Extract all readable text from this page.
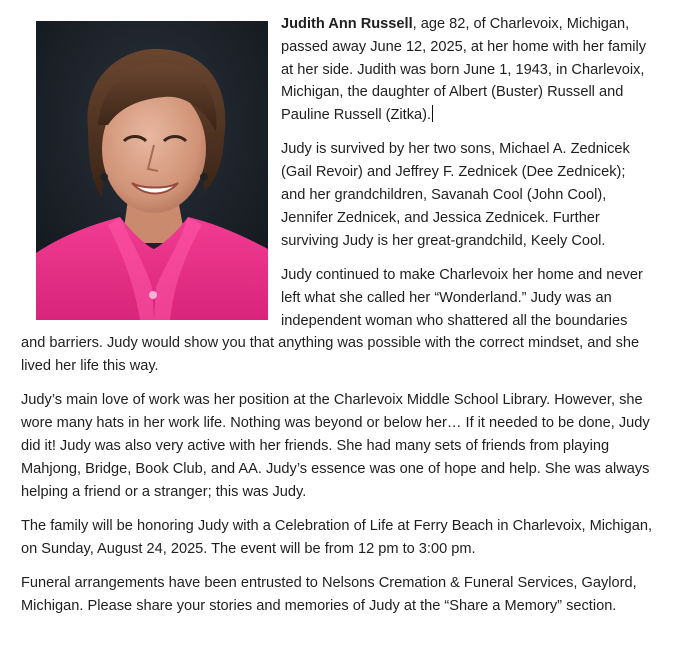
Judith Ann Russell, age 82, of Charlevoix, Michigan, passed away June 12, 2025, at her home with her family at her side. Judith was born June 1, 1943, in Charlevoix, Michigan, the daughter of Albert (Buster) Russell and Pauline Russell (Zitka).

Judy is survived by her two sons, Michael A. Zednicek (Gail Revoir) and Jeffrey F. Zednicek (Dee Zednicek); and her grandchildren, Savanah Cool (John Cool), Jennifer Zednicek, and Jessica Zednicek. Further surviving Judy is her great-grandchild, Keely Cool.

Judy continued to make Charlevoix her home and never left what she called her “Wonderland.” Judy was an independent woman who shattered all the boundaries and barriers. Judy would show you that anything was possible with the correct mindset, and she lived her life this way.

Judy’s main love of work was her position at the Charlevoix Middle School Library. However, she wore many hats in her work life. Nothing was beyond or below her… If it needed to be done, Judy did it! Judy was also very active with her friends. She had many sets of friends from playing Mahjong, Bridge, Book Club, and AA. Judy’s essence was one of hope and help. She was always helping a friend or a stranger; this was Judy.

The family will be honoring Judy with a Celebration of Life at Ferry Beach in Charlevoix, Michigan, on Sunday, August 24, 2025. The event will be from 12 pm to 3:00 pm.

Funeral arrangements have been entrusted to Nelsons Cremation & Funeral Services, Gaylord, Michigan. Please share your stories and memories of Judy at the “Share a Memory” section.
